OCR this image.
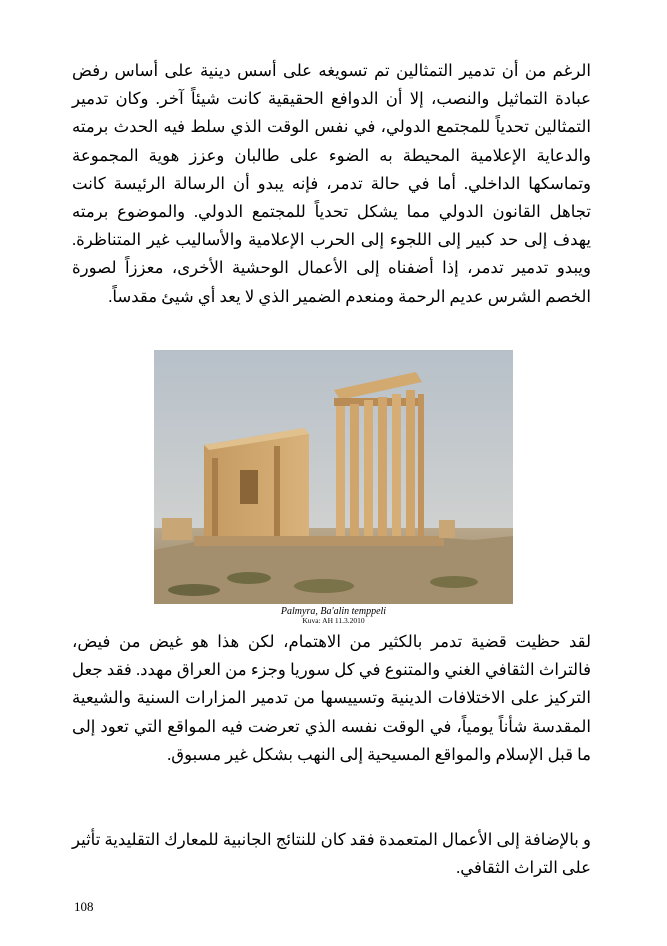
الرغم من أن تدمير التمثالين تم تسويغه على أسس دينية على أساس رفض عبادة التماثيل والنصب، إلا أن الدوافع الحقيقية كانت شيئاً آخر. وكان تدمير التمثالين تحدياً للمجتمع الدولي، في نفس الوقت الذي سلط فيه الحدث برمته والدعاية الإعلامية المحيطة به الضوء على طالبان وعزز هوية المجموعة وتماسكها الداخلي. أما في حالة تدمر، فإنه يبدو أن الرسالة الرئيسة كانت تجاهل القانون الدولي مما يشكل تحدياً للمجتمع الدولي. والموضوع برمته يهدف إلى حد كبير إلى اللجوء إلى الحرب الإعلامية والأساليب غير المتناظرة. ويبدو تدمير تدمر، إذا أضفناه إلى الأعمال الوحشية الأخرى، معززاً لصورة الخصم الشرس عديم الرحمة ومنعدم الضمير الذي لا يعد أي شيئ مقدساً.

Palmyra, Ba'alin temppeli
Kuva: AH 11.3.2010

لقد حظيت قضية تدمر بالكثير من الاهتمام، لكن هذا هو غيض من فيض، فالتراث الثقافي الغني والمتنوع في كل سوريا وجزء من العراق مهدد. فقد جعل التركيز على الاختلافات الدينية وتسييسها من تدمير المزارات السنية والشيعية المقدسة شأناً يومياً، في الوقت نفسه الذي تعرضت فيه المواقع التي تعود إلى ما قبل الإسلام والمواقع المسيحية إلى النهب بشكل غير مسبوق.

و بالإضافة إلى الأعمال المتعمدة فقد كان للنتائج الجانبية للمعارك التقليدية تأثير على التراث الثقافي.

108
